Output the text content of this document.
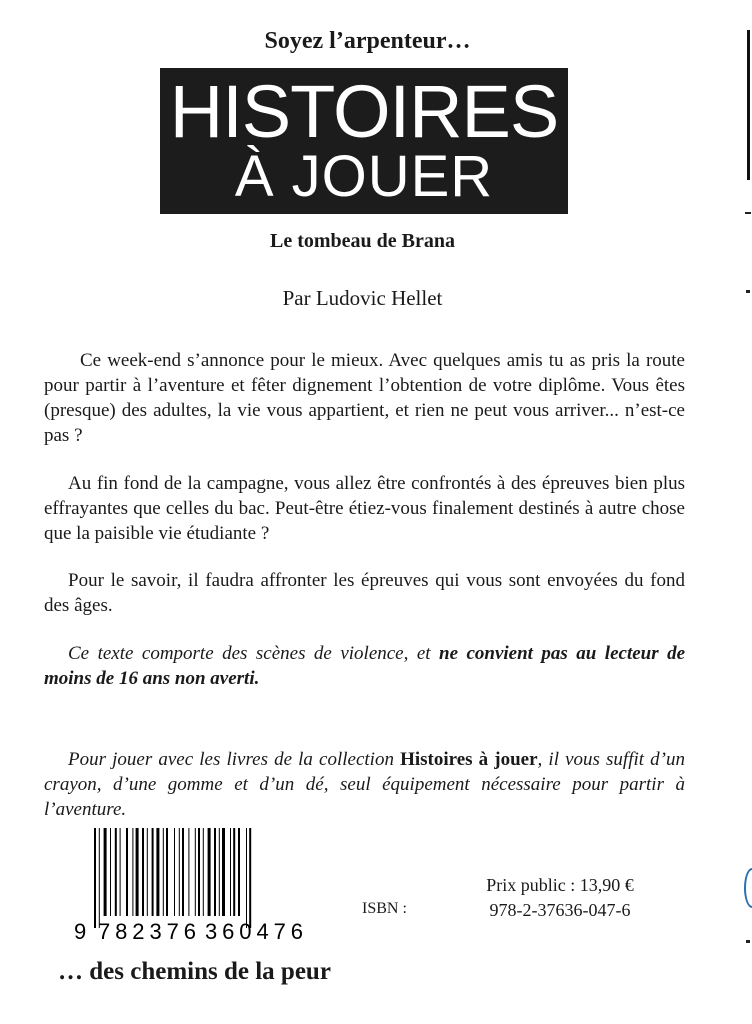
Soyez l’arpenteur…
HISTOIRES
À JOUER
Le tombeau de Brana
Par Ludovic Hellet

Ce week-end s’annonce pour le mieux. Avec quelques amis tu as pris la route pour partir à l’aventure et fêter dignement l’obtention de votre diplôme. Vous êtes (presque) des adultes, la vie vous appartient, et rien ne peut vous arriver... n’est-ce pas ?

Au fin fond de la campagne, vous allez être confrontés à des épreuves bien plus effrayantes que celles du bac. Peut-être étiez-vous finalement destinés à autre chose que la paisible vie étudiante ?

Pour le savoir, il faudra affronter les épreuves qui vous sont envoyées du fond des âges.

Ce texte comporte des scènes de violence, et ne convient pas au lecteur de moins de 16 ans non averti.

Pour jouer avec les livres de la collection Histoires à jouer, il vous suffit d’un crayon, d’une gomme et d’un dé, seul équipement nécessaire pour partir à l’aventure.

9 782376 360476
ISBN :
Prix public : 13,90 €
978-2-37636-047-6
… des chemins de la peur
